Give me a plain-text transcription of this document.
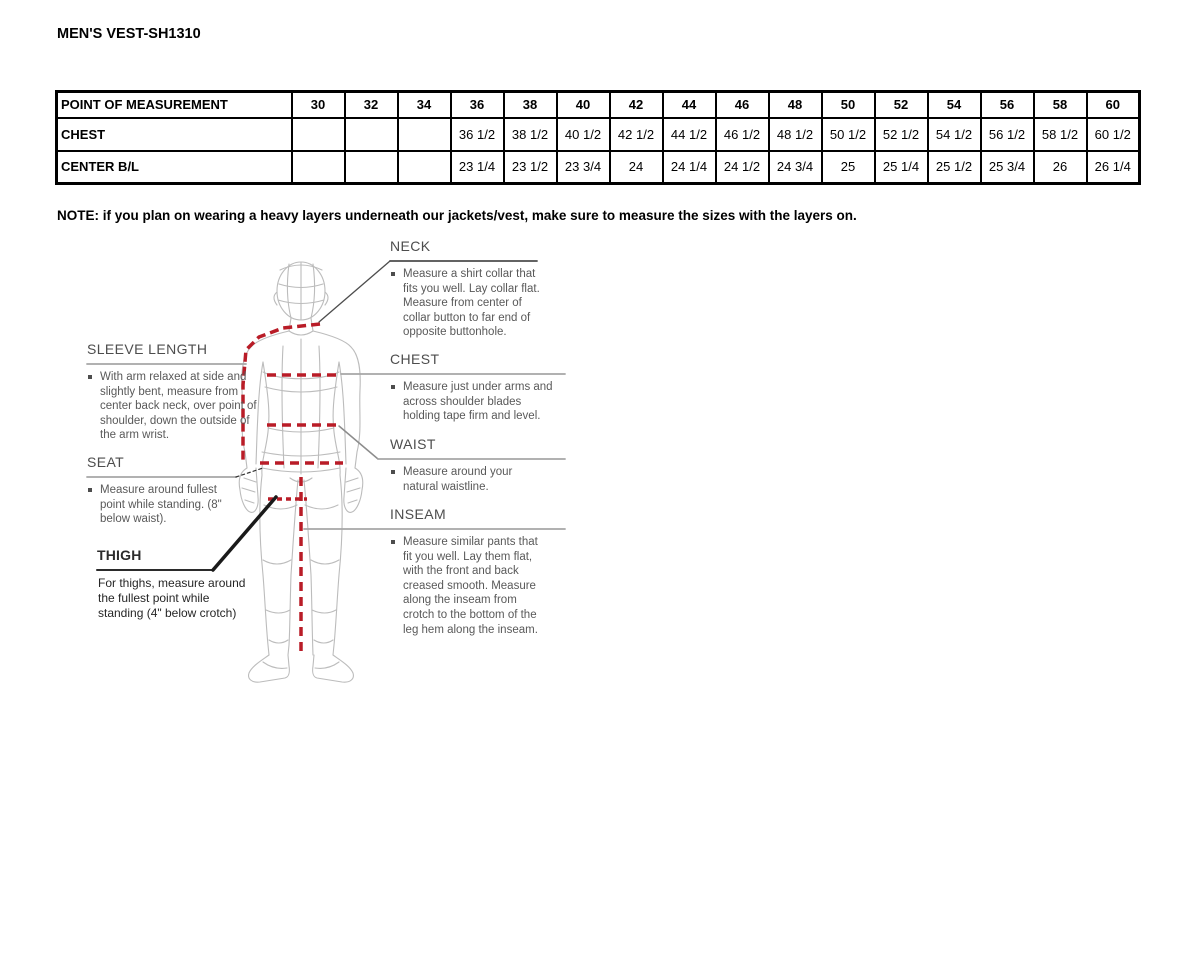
MEN'S VEST-SH1310
POINT OF MEASUREMENT	30	32	34	36	38	40	42	44	46	48	50	52	54	56	58	60
CHEST				36 1/2	38 1/2	40 1/2	42 1/2	44 1/2	46 1/2	48 1/2	50 1/2	52 1/2	54 1/2	56 1/2	58 1/2	60 1/2
CENTER B/L				23 1/4	23 1/2	23 3/4	24	24 1/4	24 1/2	24 3/4	25	25 1/4	25 1/2	25 3/4	26	26 1/4
NOTE: if you plan on wearing a heavy layers underneath our jackets/vest, make sure to measure the sizes with the layers on.
NECK
Measure a shirt collar that fits you well. Lay collar flat. Measure from center of collar button to far end of opposite buttonhole.
CHEST
Measure just under arms and across shoulder blades holding tape firm and level.
WAIST
Measure around your natural waistline.
INSEAM
Measure similar pants that fit you well. Lay them flat, with the front and back creased smooth. Measure along the inseam from crotch to the bottom of the leg hem along the inseam.
SLEEVE LENGTH
With arm relaxed at side and slightly bent, measure from center back neck, over point of shoulder, down the outside of the arm wrist.
SEAT
Measure around fullest point while standing. (8" below waist).
THIGH
For thighs, measure around the fullest point while standing (4" below crotch)
